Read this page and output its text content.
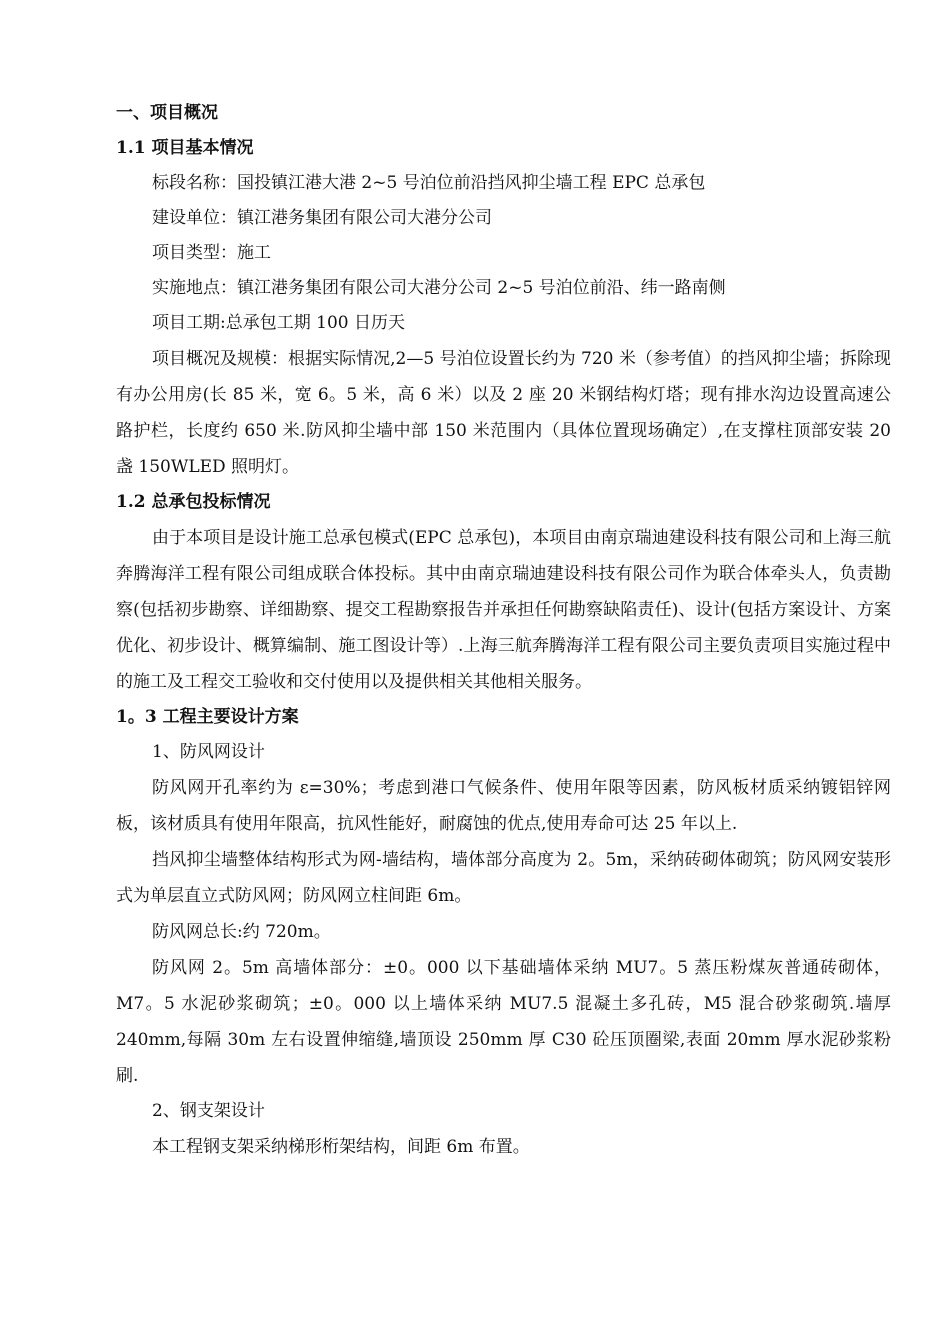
一、项目概况
1.1 项目基本情况
标段名称：国投镇江港大港 2~5 号泊位前沿挡风抑尘墙工程 EPC 总承包
建设单位：镇江港务集团有限公司大港分公司
项目类型：施工
实施地点：镇江港务集团有限公司大港分公司 2~5 号泊位前沿、纬一路南侧
项目工期:总承包工期 100 日历天

项目概况及规模：根据实际情况,2—5 号泊位设置长约为 720 米（参考值）的挡风抑尘墙；拆除现有办公用房(长 85 米，宽 6。5 米，高 6 米）以及 2 座 20 米钢结构灯塔；现有排水沟边设置高速公路护栏，长度约 650 米.防风抑尘墙中部 150 米范围内（具体位置现场确定）,在支撑柱顶部安装 20 盏 150WLED 照明灯。

1.2 总承包投标情况

由于本项目是设计施工总承包模式(EPC 总承包)，本项目由南京瑞迪建设科技有限公司和上海三航奔腾海洋工程有限公司组成联合体投标。其中由南京瑞迪建设科技有限公司作为联合体牵头人，负责勘察(包括初步勘察、详细勘察、提交工程勘察报告并承担任何勘察缺陷责任)、设计(包括方案设计、方案优化、初步设计、概算编制、施工图设计等）.上海三航奔腾海洋工程有限公司主要负责项目实施过程中的施工及工程交工验收和交付使用以及提供相关其他相关服务。

1。3 工程主要设计方案
1、防风网设计

防风网开孔率约为 ε=30%；考虑到港口气候条件、使用年限等因素，防风板材质采纳镀铝锌网板，该材质具有使用年限高，抗风性能好，耐腐蚀的优点,使用寿命可达 25 年以上.

挡风抑尘墙整体结构形式为网-墙结构，墙体部分高度为 2。5m，采纳砖砌体砌筑；防风网安装形式为单层直立式防风网；防风网立柱间距 6m。

防风网总长:约 720m。

防风网 2。5m 高墙体部分：±0。000 以下基础墙体采纳 MU7。5 蒸压粉煤灰普通砖砌体，M7。5 水泥砂浆砌筑；±0。000 以上墙体采纳 MU7.5 混凝土多孔砖，M5 混合砂浆砌筑.墙厚 240mm,每隔 30m 左右设置伸缩缝,墙顶设 250mm 厚 C30 砼压顶圈梁,表面 20mm 厚水泥砂浆粉刷.

2、钢支架设计

本工程钢支架采纳梯形桁架结构，间距 6m 布置。
